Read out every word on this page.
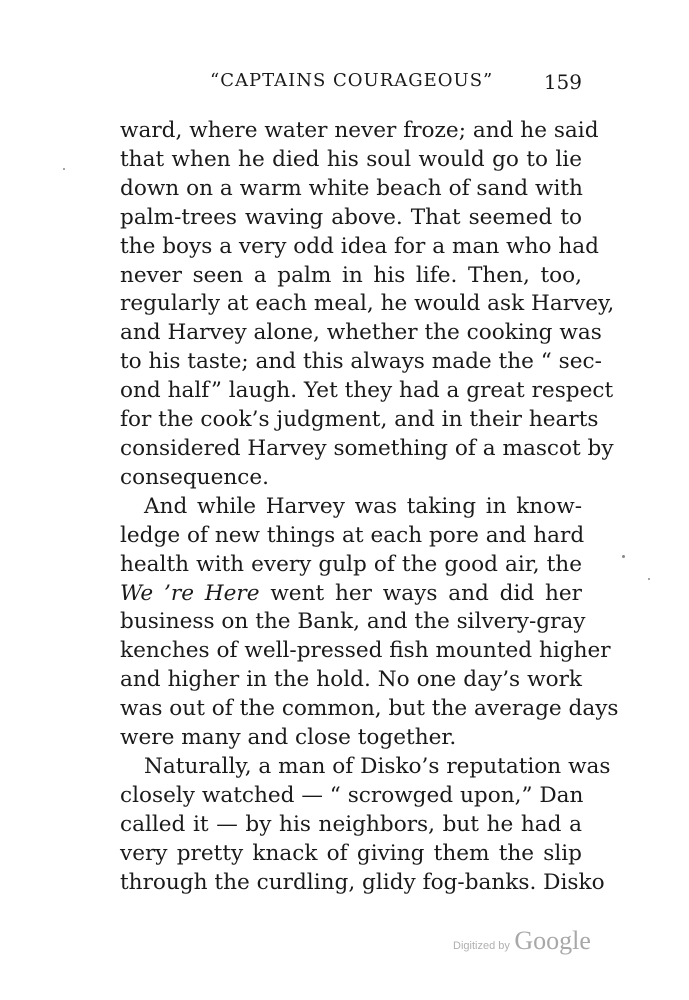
“CAPTAINS COURAGEOUS”	159
ward, where water never froze; and he said
that when he died his soul would go to lie
down on a warm white beach of sand with
palm-trees waving above. That seemed to
the boys a very odd idea for a man who had
never seen a palm in his life. Then, too,
regularly at each meal, he would ask Harvey,
and Harvey alone, whether the cooking was
to his taste; and this always made the “ sec-
ond half” laugh. Yet they had a great respect
for the cook’s judgment, and in their hearts
considered Harvey something of a mascot by
consequence.
And while Harvey was taking in know-
ledge of new things at each pore and hard
health with every gulp of the good air, the
We ’re Here went her ways and did her
business on the Bank, and the silvery-gray
kenches of well-pressed fish mounted higher
and higher in the hold. No one day’s work
was out of the common, but the average days
were many and close together.
Naturally, a man of Disko’s reputation was
closely watched — “ scrowged upon,” Dan
called it — by his neighbors, but he had a
very pretty knack of giving them the slip
through the curdling, glidy fog-banks. Disko
Digitized by Google
